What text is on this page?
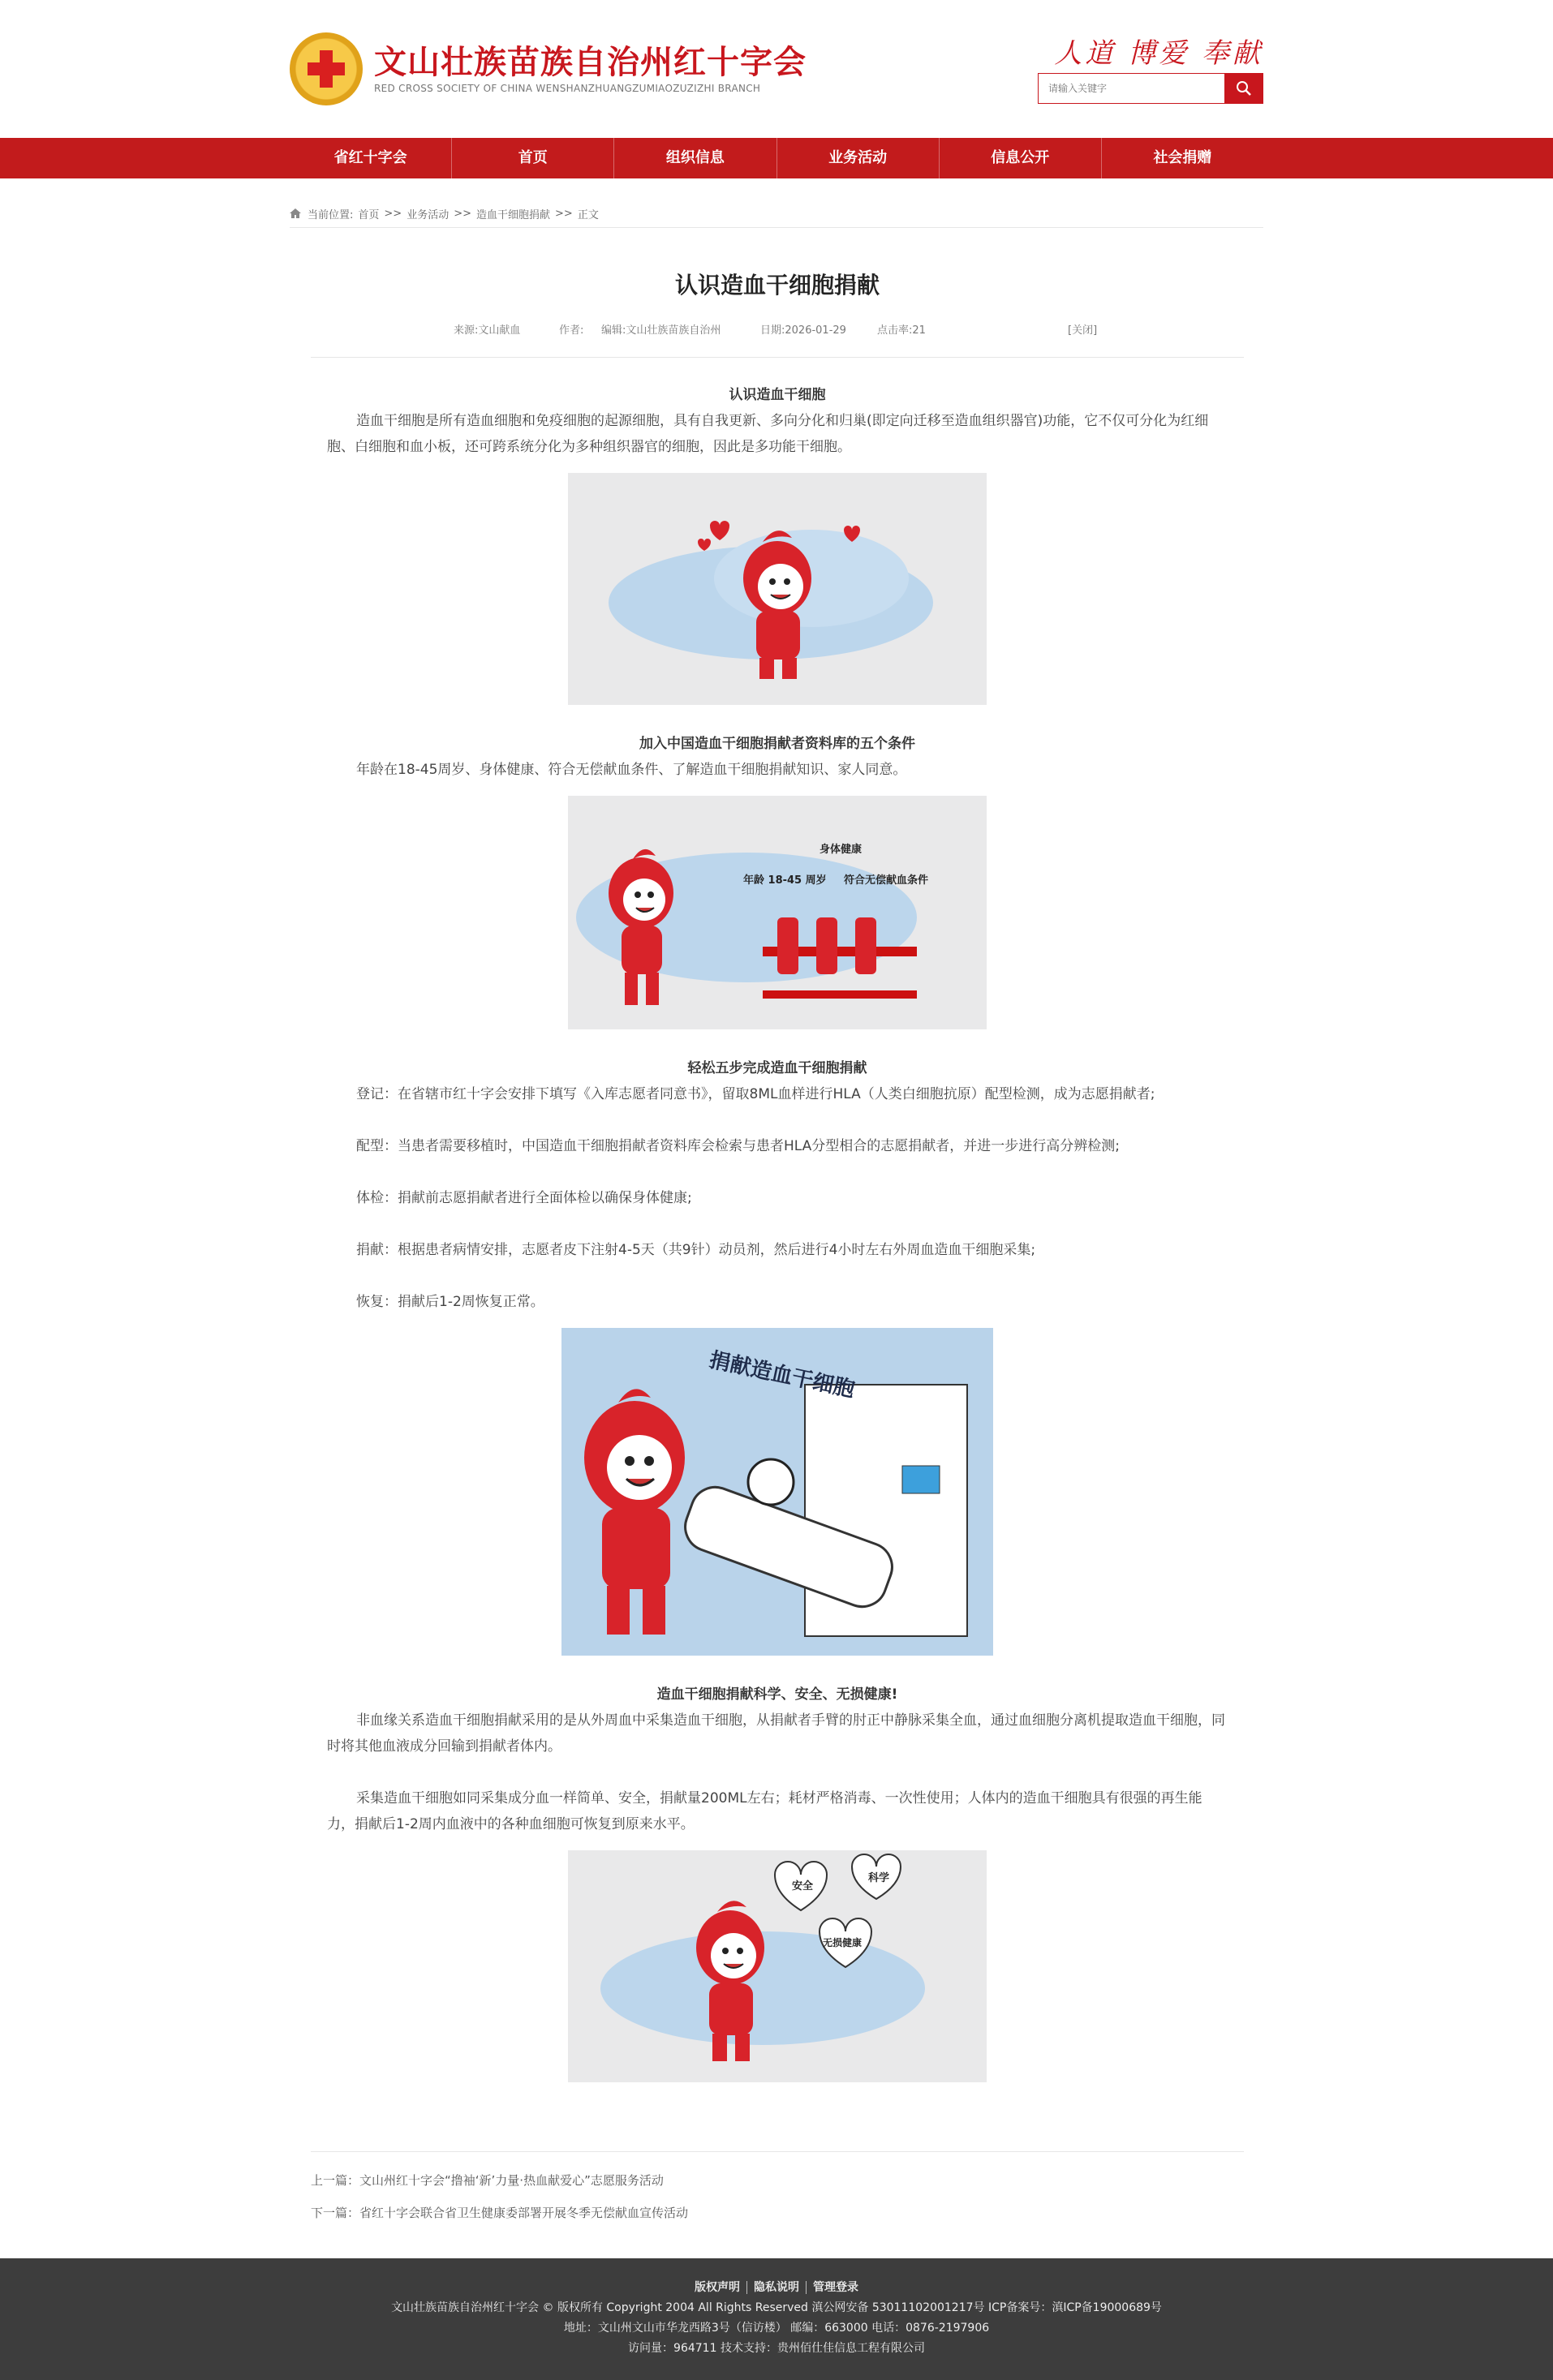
文山壮族苗族自治州红十字会
RED CROSS SOCIETY OF CHINA WENSHANZHUANGZUMIAOZUZIZHI BRANCH
人道 博爱 奉献
请输入关键字
省红十字会	首页	组织信息	业务活动	信息公开	社会捐赠
当前位置: 首页 >> 业务活动 >> 造血干细胞捐献 >> 正文
认识造血干细胞捐献
来源:文山献血	作者: 编辑:文山壮族苗族自治州	日期:2026-01-29	点击率:21	[关闭]
认识造血干细胞

造血干细胞是所有造血细胞和免疫细胞的起源细胞，具有自我更新、多向分化和归巢(即定向迁移至造血组织器官)功能，它不仅可分化为红细胞、白细胞和血小板，还可跨系统分化为多种组织器官的细胞，因此是多功能干细胞。

加入中国造血干细胞捐献者资料库的五个条件

年龄在18-45周岁、身体健康、符合无偿献血条件、了解造血干细胞捐献知识、家人同意。

年龄 18-45 周岁
身体健康
符合无偿献血条件
轻松五步完成造血干细胞捐献

登记：在省辖市红十字会安排下填写《入库志愿者同意书》，留取8ML血样进行HLA（人类白细胞抗原）配型检测，成为志愿捐献者;

配型：当患者需要移植时，中国造血干细胞捐献者资料库会检索与患者HLA分型相合的志愿捐献者，并进一步进行高分辨检测;

体检：捐献前志愿捐献者进行全面体检以确保身体健康;

捐献：根据患者病情安排，志愿者皮下注射4-5天（共9针）动员剂，然后进行4小时左右外周血造血干细胞采集;

恢复：捐献后1-2周恢复正常。

捐献造血干细胞
造血干细胞捐献科学、安全、无损健康!

非血缘关系造血干细胞捐献采用的是从外周血中采集造血干细胞，从捐献者手臂的肘正中静脉采集全血，通过血细胞分离机提取造血干细胞，同时将其他血液成分回输到捐献者体内。

采集造血干细胞如同采集成分血一样简单、安全，捐献量200ML左右；耗材严格消毒、一次性使用；人体内的造血干细胞具有很强的再生能力，捐献后1-2周内血液中的各种血细胞可恢复到原来水平。

安全
科学
无损健康
上一篇：文山州红十字会“撸袖‘新’力量·热血献爱心”志愿服务活动
下一篇：省红十字会联合省卫生健康委部署开展冬季无偿献血宣传活动
版权声明 隐私说明 管理登录
文山壮族苗族自治州红十字会 © 版权所有 Copyright 2004 All Rights Reserved 滇公网安备 53011102001217号 ICP备案号：滇ICP备19000689号
地址：文山州文山市华龙西路3号（信访楼） 邮编：663000 电话：0876-2197906
访问量：964711 技术支持：贵州佰仕佳信息工程有限公司
